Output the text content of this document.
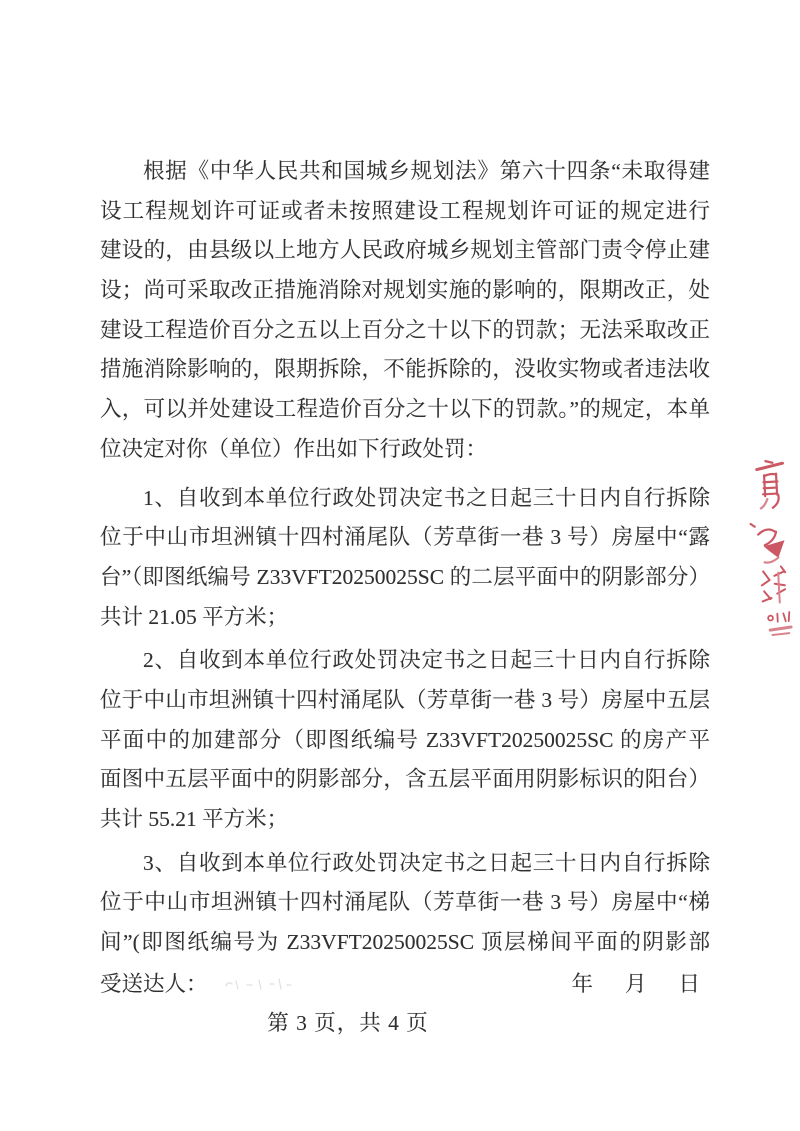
根据《中华人民共和国城乡规划法》第六十四条“未取得建
设工程规划许可证或者未按照建设工程规划许可证的规定进行
建设的，由县级以上地方人民政府城乡规划主管部门责令停止建
设；尚可采取改正措施消除对规划实施的影响的，限期改正，处
建设工程造价百分之五以上百分之十以下的罚款；无法采取改正
措施消除影响的，限期拆除，不能拆除的，没收实物或者违法收
入，可以并处建设工程造价百分之十以下的罚款。”的规定，本单
位决定对你（单位）作出如下行政处罚：
1、自收到本单位行政处罚决定书之日起三十日内自行拆除
位于中山市坦洲镇十四村涌尾队（芳草街一巷 3 号）房屋中“露
台”（即图纸编号 Z33VFT20250025SC 的二层平面中的阴影部分）
共计 21.05 平方米；
2、自收到本单位行政处罚决定书之日起三十日内自行拆除
位于中山市坦洲镇十四村涌尾队（芳草街一巷 3 号）房屋中五层
平面中的加建部分（即图纸编号 Z33VFT20250025SC 的房产平
面图中五层平面中的阴影部分，含五层平面用阴影标识的阳台）
共计 55.21 平方米；
3、自收到本单位行政处罚决定书之日起三十日内自行拆除
位于中山市坦洲镇十四村涌尾队（芳草街一巷 3 号）房屋中“梯
间”(即图纸编号为 Z33VFT20250025SC 顶层梯间平面的阴影部
受送达人：	年 月 日
第 3 页，共 4 页
